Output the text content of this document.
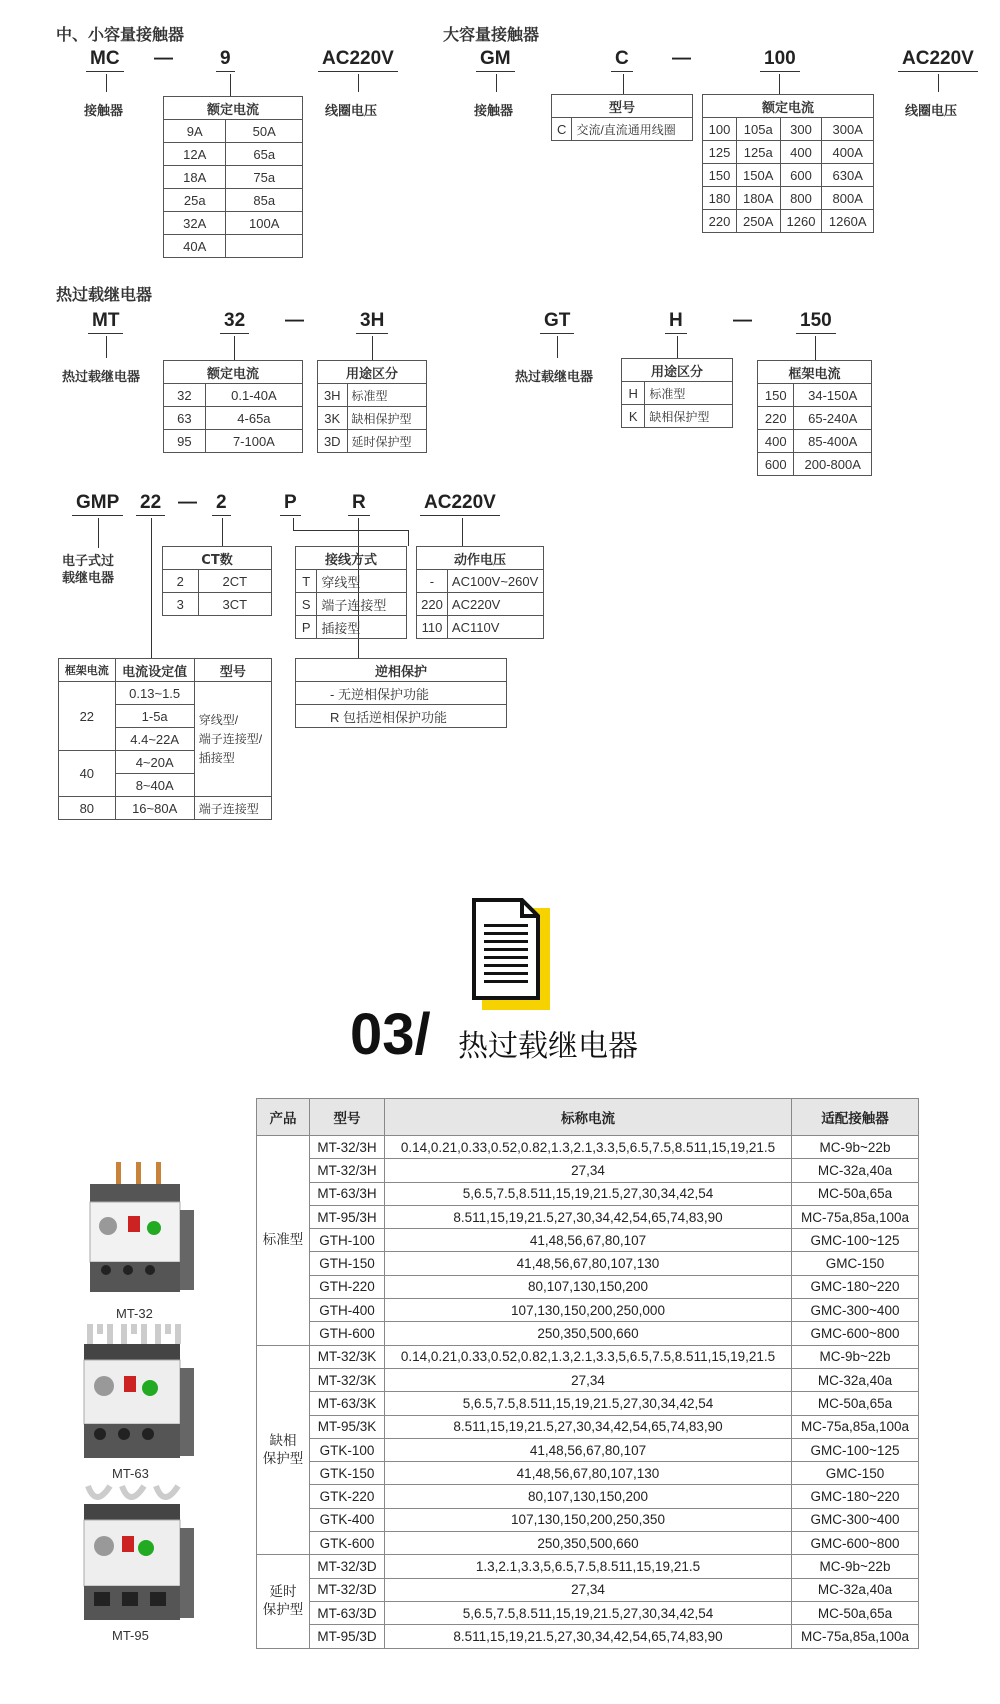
中、小容量接触器
MC — 9	AC220V
接触器	线圈电压
额定电流	
9A	50A
12A	65a
18A	75a
25a	85a
32A	100A
40A	
大容量接触器
GM	C —	100	AC220V
接触器	线圈电压
型号
C	交流/直流通用线圈
额定电流			
100	105a	300	300A
125	125a	400	400A
150	150A	600	630A
180	180A	800	800A
220	250A	1260	1260A
热过载继电器
MT	32 —	3H
热过载继电器	额定电流	
32	0.1-40A
63	4-65a
95	7-100A
用途区分	
3H	标准型
3K	缺相保护型
3D	延时保护型
GT	H	—	150
热过载继电器	用途区分	
H	标准型
K	缺相保护型
框架电流	
150	34-150A
220	65-240A
400	85-400A
600	200-800A
GMP 22 — 2	P	R	AC220V
电子式过
载继电器
CT数	
2	2CT
3	3CT
接线方式	
T	穿线型
S	端子连接型
P	插接型
动作电压	
-	AC100V~260V
220	AC220V
110	AC110V
逆相保护
- 无逆相保护功能
R 包括逆相保护功能
框架电流	电流设定值	型号
22	0.13~1.5	穿线型/
端子连接型/
插接型
	1-5a	
	4.4~22A	
40	4~20A	
	8~40A	
80	16~80A	端子连接型
03/ 热过载继电器
MT-32
MT-63
MT-95
产品	型号	标称电流	适配接触器
标准型	MT-32/3H	0.14,0.21,0.33,0.52,0.82,1.3,2.1,3.3,5,6.5,7.5,8.511,15,19,21.5	MC-9b~22b
	MT-32/3H	27,34	MC-32a,40a
	MT-63/3H	5,6.5,7.5,8.511,15,19,21.5,27,30,34,42,54	MC-50a,65a
	MT-95/3H	8.511,15,19,21.5,27,30,34,42,54,65,74,83,90	MC-75a,85a,100a
	GTH-100	41,48,56,67,80,107	GMC-100~125
	GTH-150	41,48,56,67,80,107,130	GMC-150
	GTH-220	80,107,130,150,200	GMC-180~220
	GTH-400	107,130,150,200,250,000	GMC-300~400
	GTH-600	250,350,500,660	GMC-600~800
缺相
保护型	MT-32/3K	0.14,0.21,0.33,0.52,0.82,1.3,2.1,3.3,5,6.5,7.5,8.511,15,19,21.5	MC-9b~22b
	MT-32/3K	27,34	MC-32a,40a
	MT-63/3K	5,6.5,7.5,8.511,15,19,21.5,27,30,34,42,54	MC-50a,65a
	MT-95/3K	8.511,15,19,21.5,27,30,34,42,54,65,74,83,90	MC-75a,85a,100a
	GTK-100	41,48,56,67,80,107	GMC-100~125
	GTK-150	41,48,56,67,80,107,130	GMC-150
	GTK-220	80,107,130,150,200	GMC-180~220
	GTK-400	107,130,150,200,250,350	GMC-300~400
	GTK-600	250,350,500,660	GMC-600~800
延时
保护型	MT-32/3D	1.3,2.1,3.3,5,6.5,7.5,8.511,15,19,21.5	MC-9b~22b
	MT-32/3D	27,34	MC-32a,40a
	MT-63/3D	5,6.5,7.5,8.511,15,19,21.5,27,30,34,42,54	MC-50a,65a
	MT-95/3D	8.511,15,19,21.5,27,30,34,42,54,65,74,83,90	MC-75a,85a,100a
